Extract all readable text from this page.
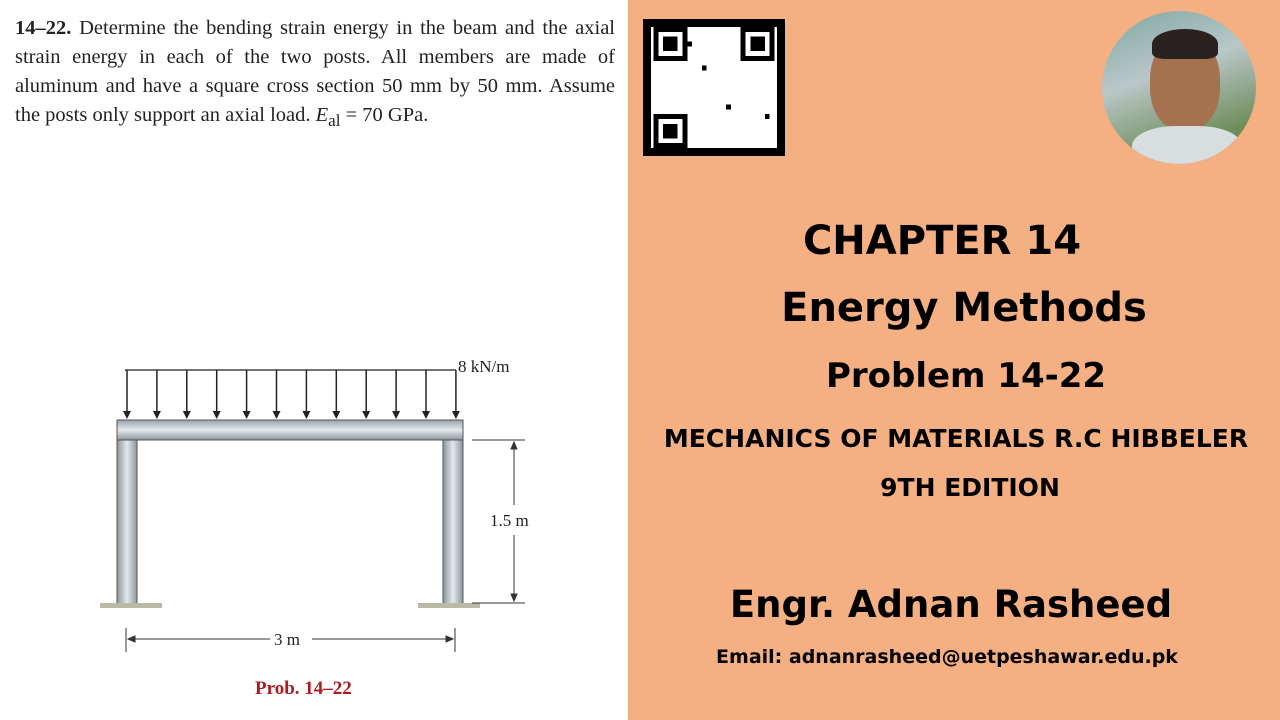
14–22. Determine the bending strain energy in the beam and the axial strain energy in each of the two posts. All members are made of aluminum and have a square cross section 50 mm by 50 mm. Assume the posts only support an axial load. $E_{al} = 70$ GPa.

8 kN/m
1.5 m
3 m
Prob. 14–22
CHAPTER 14
Energy Methods
Problem 14-22
MECHANICS OF MATERIALS R.C HIBBELER
9TH EDITION
Engr. Adnan Rasheed
Email: adnanrasheed@uetpeshawar.edu.pk
